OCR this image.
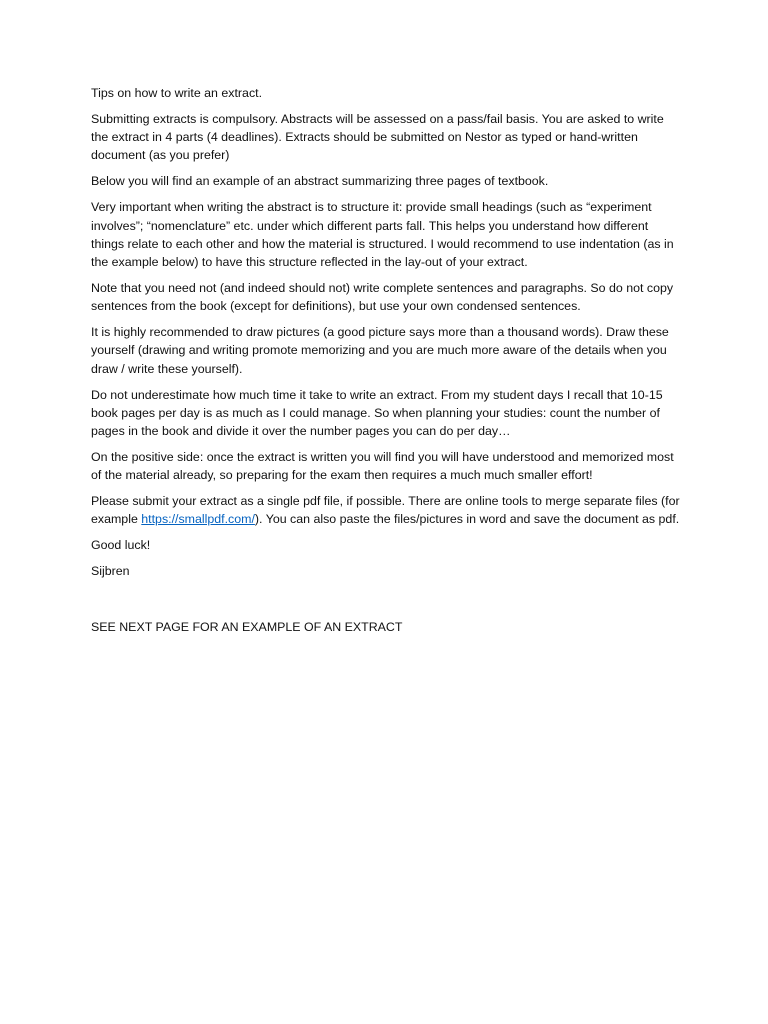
Tips on how to write an extract.

Submitting extracts is compulsory. Abstracts will be assessed on a pass/fail basis. You are asked to write the extract in 4 parts (4 deadlines). Extracts should be submitted on Nestor as typed or hand-written document (as you prefer)

Below you will find an example of an abstract summarizing three pages of textbook.

Very important when writing the abstract is to structure it: provide small headings (such as “experiment involves”; “nomenclature” etc. under which different parts fall. This helps you understand how different things relate to each other and how the material is structured. I would recommend to use indentation (as in the example below) to have this structure reflected in the lay-out of your extract.

Note that you need not (and indeed should not) write complete sentences and paragraphs. So do not copy sentences from the book (except for definitions), but use your own condensed sentences.

It is highly recommended to draw pictures (a good picture says more than a thousand words). Draw these yourself (drawing and writing promote memorizing and you are much more aware of the details when you draw / write these yourself).

Do not underestimate how much time it take to write an extract. From my student days I recall that 10-15 book pages per day is as much as I could manage. So when planning your studies: count the number of pages in the book and divide it over the number pages you can do per day…

On the positive side: once the extract is written you will find you will have understood and memorized most of the material already, so preparing for the exam then requires a much much smaller effort!

Please submit your extract as a single pdf file, if possible. There are online tools to merge separate files (for example https://smallpdf.com/). You can also paste the files/pictures in word and save the document as pdf.

Good luck!

Sijbren

SEE NEXT PAGE FOR AN EXAMPLE OF AN EXTRACT
